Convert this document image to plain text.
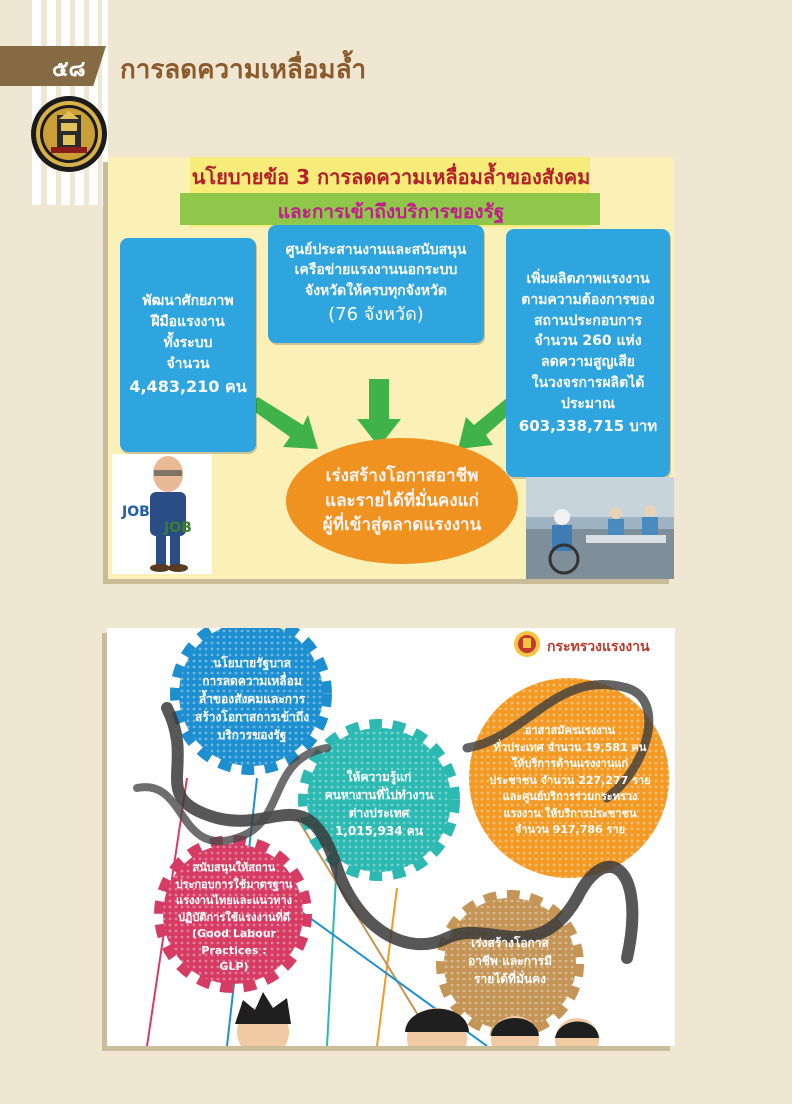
๕๘ การลดความเหลื่อมล้ำ
นโยบายข้อ 3 การลดความเหลื่อมล้ำของสังคม
และการเข้าถึงบริการของรัฐ
พัฒนาศักยภาพ
ฝีมือแรงงาน
ทั้งระบบ
จำนวน
4,483,210 คน
ศูนย์ประสานงานและสนับสนุน
เครือข่ายแรงงานนอกระบบ
จังหวัดให้ครบทุกจังหวัด
(76 จังหวัด)
เพิ่มผลิตภาพแรงงาน
ตามความต้องการของ
สถานประกอบการ
จำนวน 260 แห่ง
ลดความสูญเสีย
ในวงจรการผลิตได้
ประมาณ
603,338,715 บาท
เร่งสร้างโอกาสอาชีพ
และรายได้ที่มั่นคงแก่
ผู้ที่เข้าสู่ตลาดแรงงาน
JOB
JOB
กระทรวงแรงงาน
นโยบายรัฐบาล
การลดความเหลื่อม
ล้ำของสังคมและการ
สร้างโอกาสการเข้าถึง
บริการของรัฐ
ให้ความรู้แก่
คนหางานที่ไปทำงาน
ต่างประเทศ
1,015,934 คน
อาสาสมัครแรงงาน
ทั่วประเทศ จำนวน 19,581 คน
ให้บริการด้านแรงงานแก่
ประชาชน จำนวน 227,277 ราย
และศูนย์บริการร่วมกระทรวง
แรงงาน ให้บริการประชาชน
จำนวน 917,786 ราย
สนับสนุนให้สถาน
ประกอบการใช้มาตรฐาน
แรงงานไทยและแนวทาง
ปฏิบัติการใช้แรงงานที่ดี
(Good Labour Practices :
GLP)
เร่งสร้างโอกาส
อาชีพ และการมี
รายได้ที่มั่นคง
